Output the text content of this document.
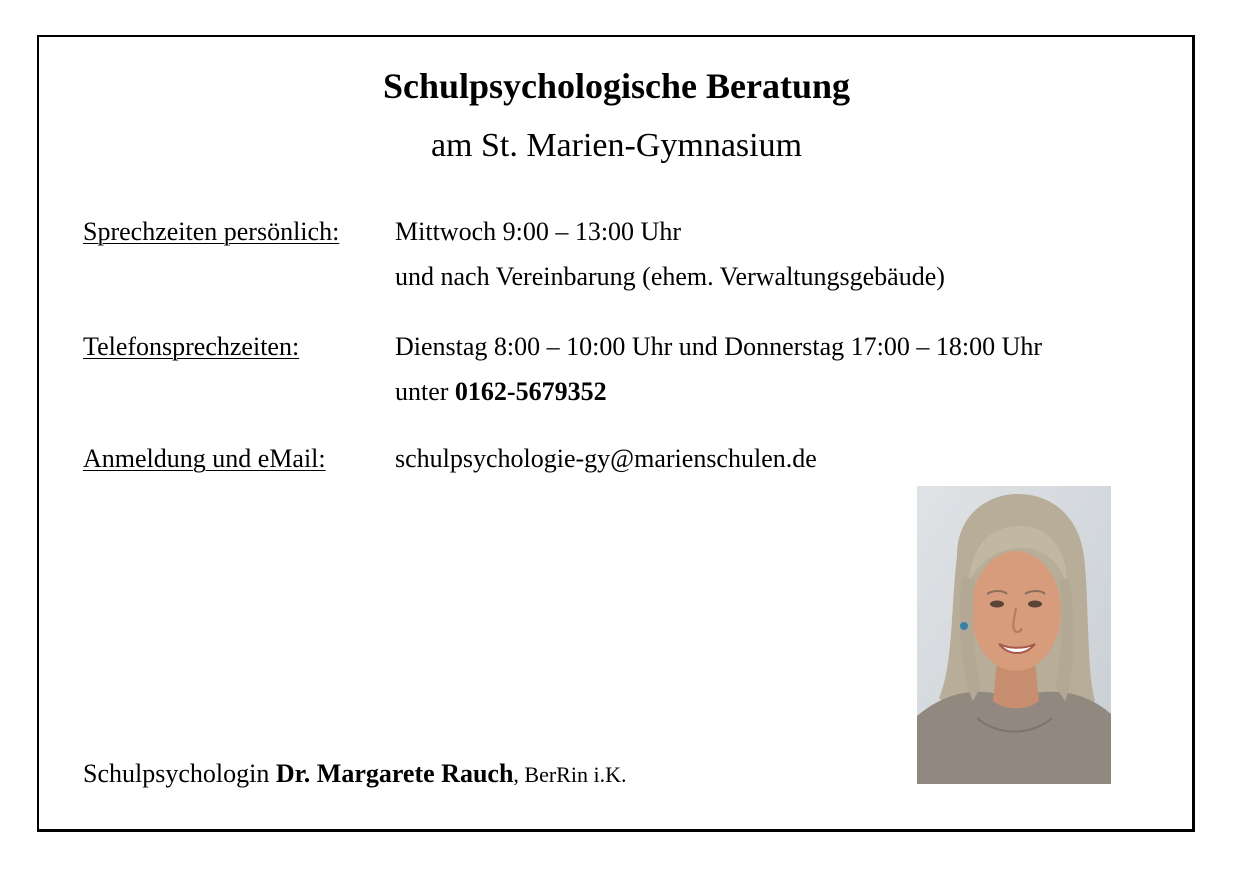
Schulpsychologische Beratung
am St. Marien-Gymnasium
Sprechzeiten persönlich: Mittwoch 9:00 – 13:00 Uhr
und nach Vereinbarung (ehem. Verwaltungsgebäude)
Telefonsprechzeiten:	Dienstag 8:00 – 10:00 Uhr und Donnerstag 17:00 – 18:00 Uhr
unter 0162-5679352
Anmeldung und eMail:	schulpsychologie-gy@marienschulen.de
Schulpsychologin Dr. Margarete Rauch, BerRin i.K.
